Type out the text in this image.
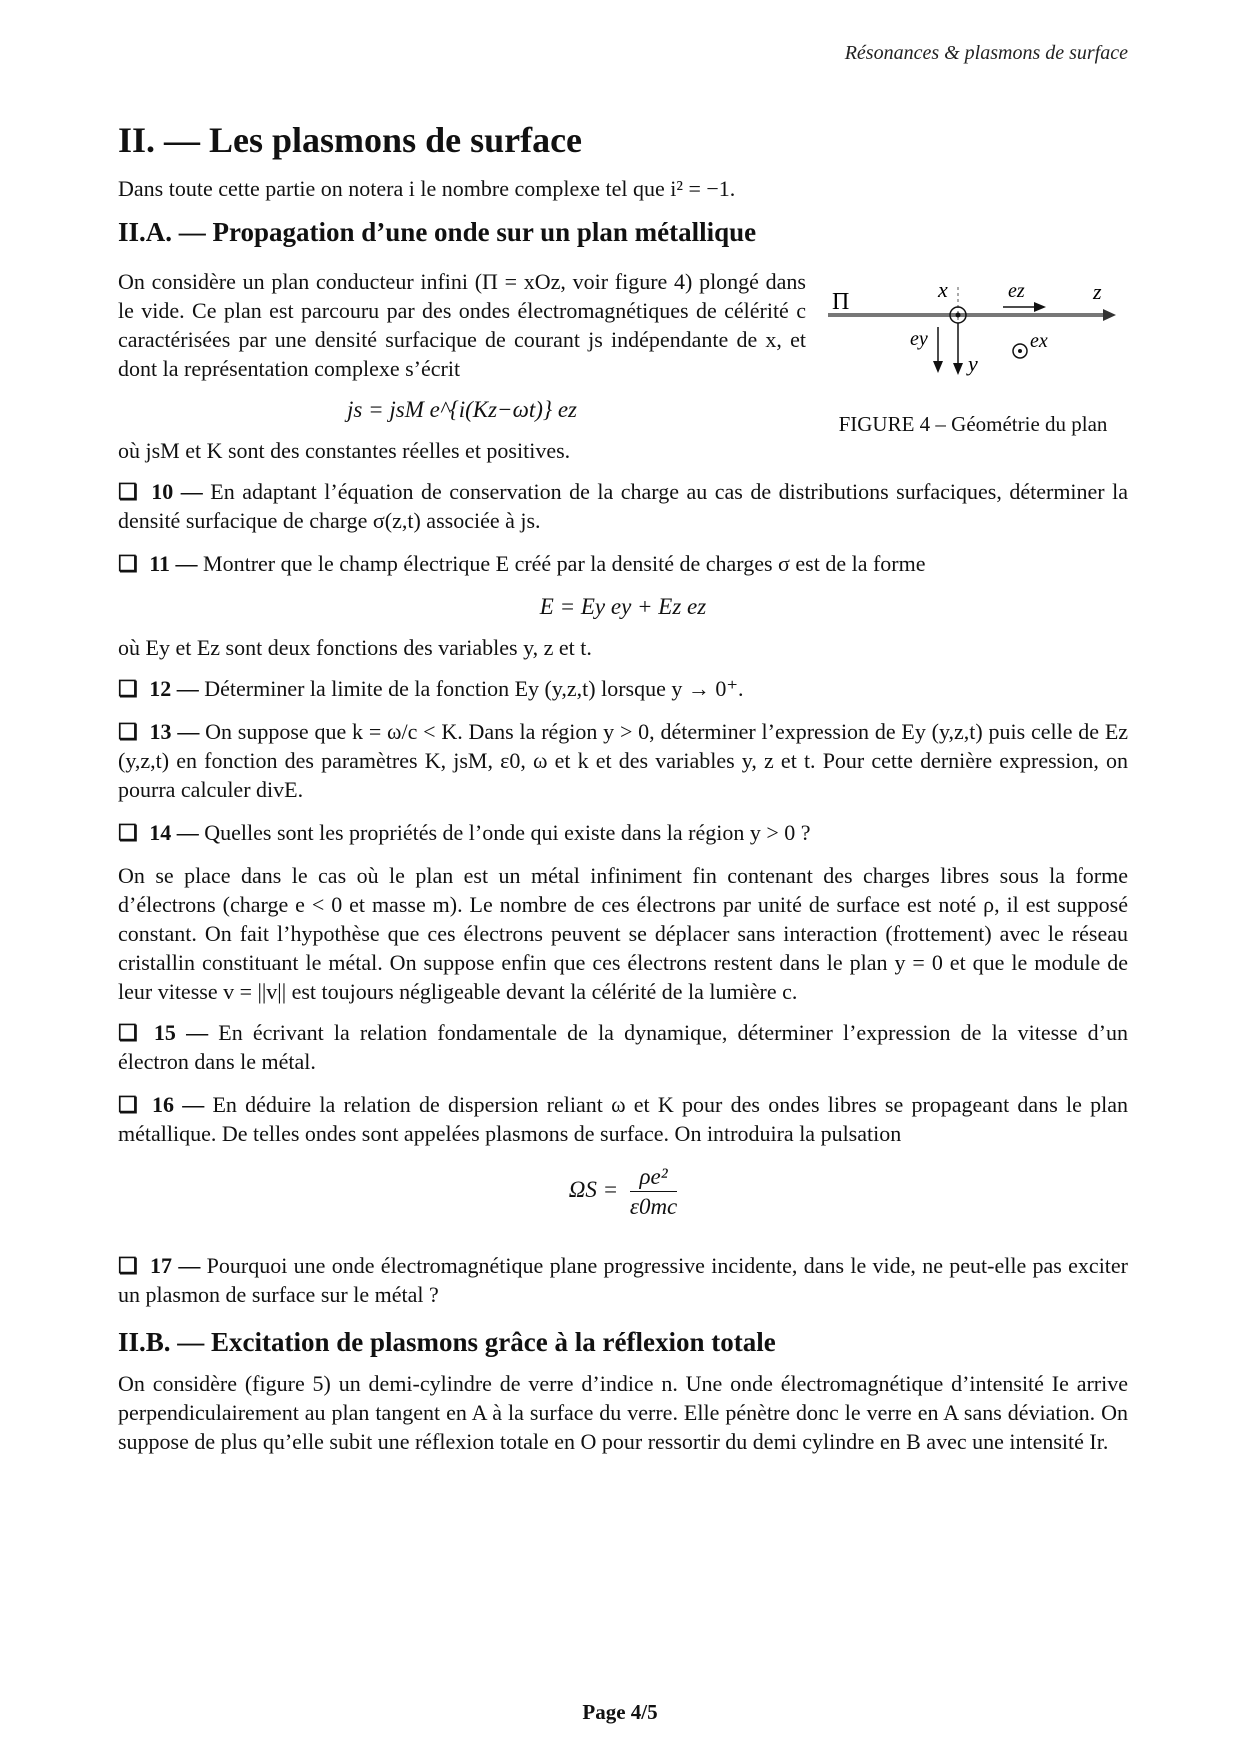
Résonances & plasmons de surface
II. — Les plasmons de surface

Dans toute cette partie on notera i le nombre complexe tel que i² = −1.

II.A. — Propagation d’une onde sur un plan métallique

On considère un plan conducteur infini (Π = xOz, voir figure 4) plongé dans le vide. Ce plan est parcouru par des ondes électromagnétiques de célérité c caractérisées par une densité surfacique de courant js indépendante de x, et dont la représentation complexe s’écrit

js = jsM e^{i(Kz−ωt)} ez

où jsM et K sont des constantes réelles et positives.

Π	x	z
y
ez
ey	ex
FIGURE 4 – Géométrie du plan
❏ 10 — En adaptant l’équation de conservation de la charge au cas de distributions surfaciques, déterminer la densité surfacique de charge σ(z,t) associée à js.
❏ 11 — Montrer que le champ électrique E créé par la densité de charges σ est de la forme
E = Ey ey + Ez ez

où Ey et Ez sont deux fonctions des variables y, z et t.

❏ 12 — Déterminer la limite de la fonction Ey (y,z,t) lorsque y → 0⁺.
❏ 13 — On suppose que k = ω/c < K. Dans la région y > 0, déterminer l’expression de Ey (y,z,t) puis celle de Ez (y,z,t) en fonction des paramètres K, jsM, ε0, ω et k et des variables y, z et t. Pour cette dernière expression, on pourra calculer divE.
❏ 14 — Quelles sont les propriétés de l’onde qui existe dans la région y > 0 ?

On se place dans le cas où le plan est un métal infiniment fin contenant des charges libres sous la forme d’électrons (charge e < 0 et masse m). Le nombre de ces électrons par unité de surface est noté ρ, il est supposé constant. On fait l’hypothèse que ces électrons peuvent se déplacer sans interaction (frottement) avec le réseau cristallin constituant le métal. On suppose enfin que ces électrons restent dans le plan y = 0 et que le module de leur vitesse v = ||v|| est toujours négligeable devant la célérité de la lumière c.

❏ 15 — En écrivant la relation fondamentale de la dynamique, déterminer l’expression de la vitesse d’un électron dans le métal.
❏ 16 — En déduire la relation de dispersion reliant ω et K pour des ondes libres se propageant dans le plan métallique. De telles ondes sont appelées plasmons de surface. On introduira la pulsation
$\Omega S = \frac{\text{ρe²}}{\varepsilon 0mc}$
❏ 17 — Pourquoi une onde électromagnétique plane progressive incidente, dans le vide, ne peut-elle pas exciter un plasmon de surface sur le métal ?
II.B. — Excitation de plasmons grâce à la réflexion totale

On considère (figure 5) un demi-cylindre de verre d’indice n. Une onde électromagnétique d’intensité Ie arrive perpendiculairement au plan tangent en A à la surface du verre. Elle pénètre donc le verre en A sans déviation. On suppose de plus qu’elle subit une réflexion totale en O pour ressortir du demi cylindre en B avec une intensité Ir.

Page 4/5
